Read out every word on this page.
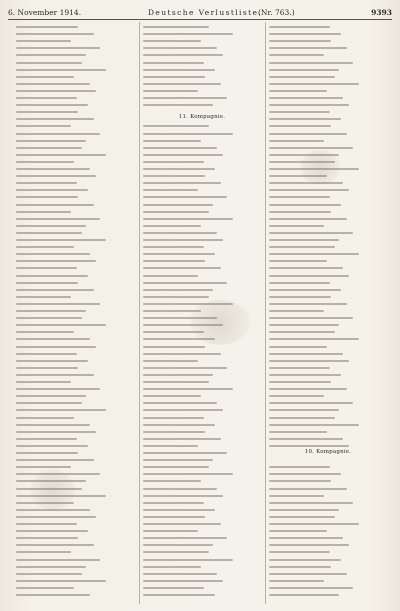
6. November 1914.	Deutsche Verlustliste.
(Nr. 763.)	9393
11. Kompagnie.
10. Kompagnie.
